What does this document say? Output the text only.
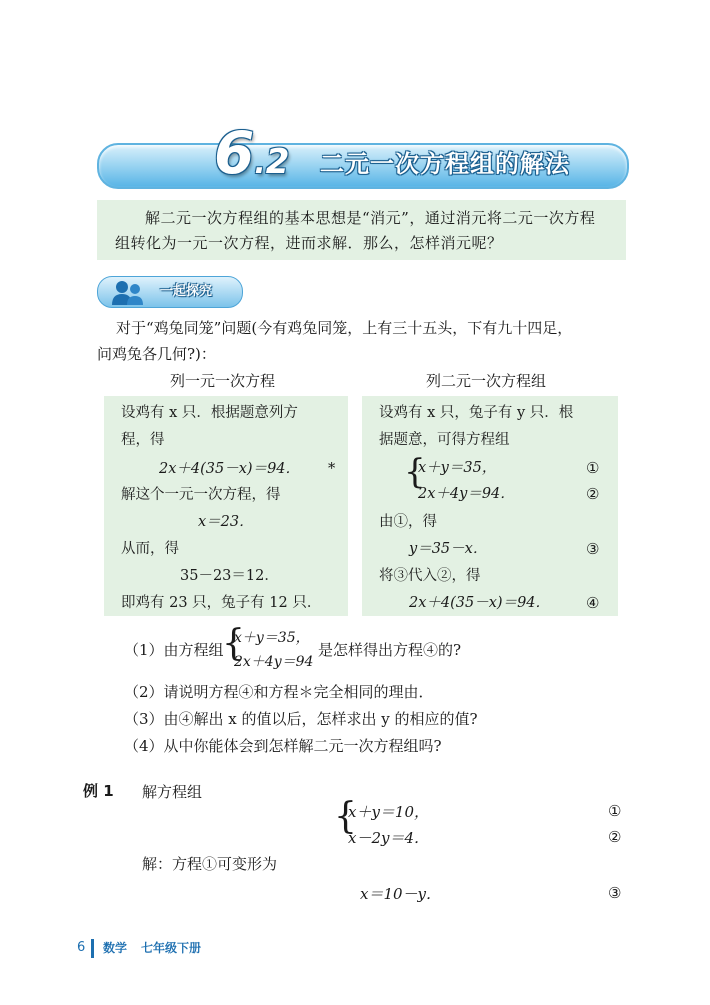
6.2 二元一次方程组的解法

解二元一次方程组的基本思想是“消元”，通过消元将二元一次方程组转化为一元一次方程，进而求解．那么，怎样消元呢？

一起探究
对于“鸡兔同笼”问题(今有鸡兔同笼，上有三十五头，下有九十四足，
问鸡兔各几何?)：
列一元一次方程	列二元一次方程组
设鸡有 x 只．根据题意列方
程，得
2x＋4(35－x)＝94． *
解这个一元一次方程，得
x＝23．
从而，得
35－23＝12．
即鸡有 23 只，兔子有 12 只．
设鸡有 x 只，兔子有 y 只．根
据题意，可得方程组
{
x＋y＝35，
2x＋4y＝94．
①
②
由①，得
y＝35－x．	③
将③代入②，得
2x＋4(35－x)＝94． ④
（1）由方程组
{
x＋y＝35，
2x＋4y＝94
是怎样得出方程④的?
（2）请说明方程④和方程＊完全相同的理由．
（3）由④解出 x 的值以后，怎样求出 y 的相应的值?
（4）从中你能体会到怎样解二元一次方程组吗?
例 1 解方程组
{
x＋y＝10，
x－2y＝4．
①
②
解：方程①可变形为
x＝10－y．	③
6 数学 七年级下册
